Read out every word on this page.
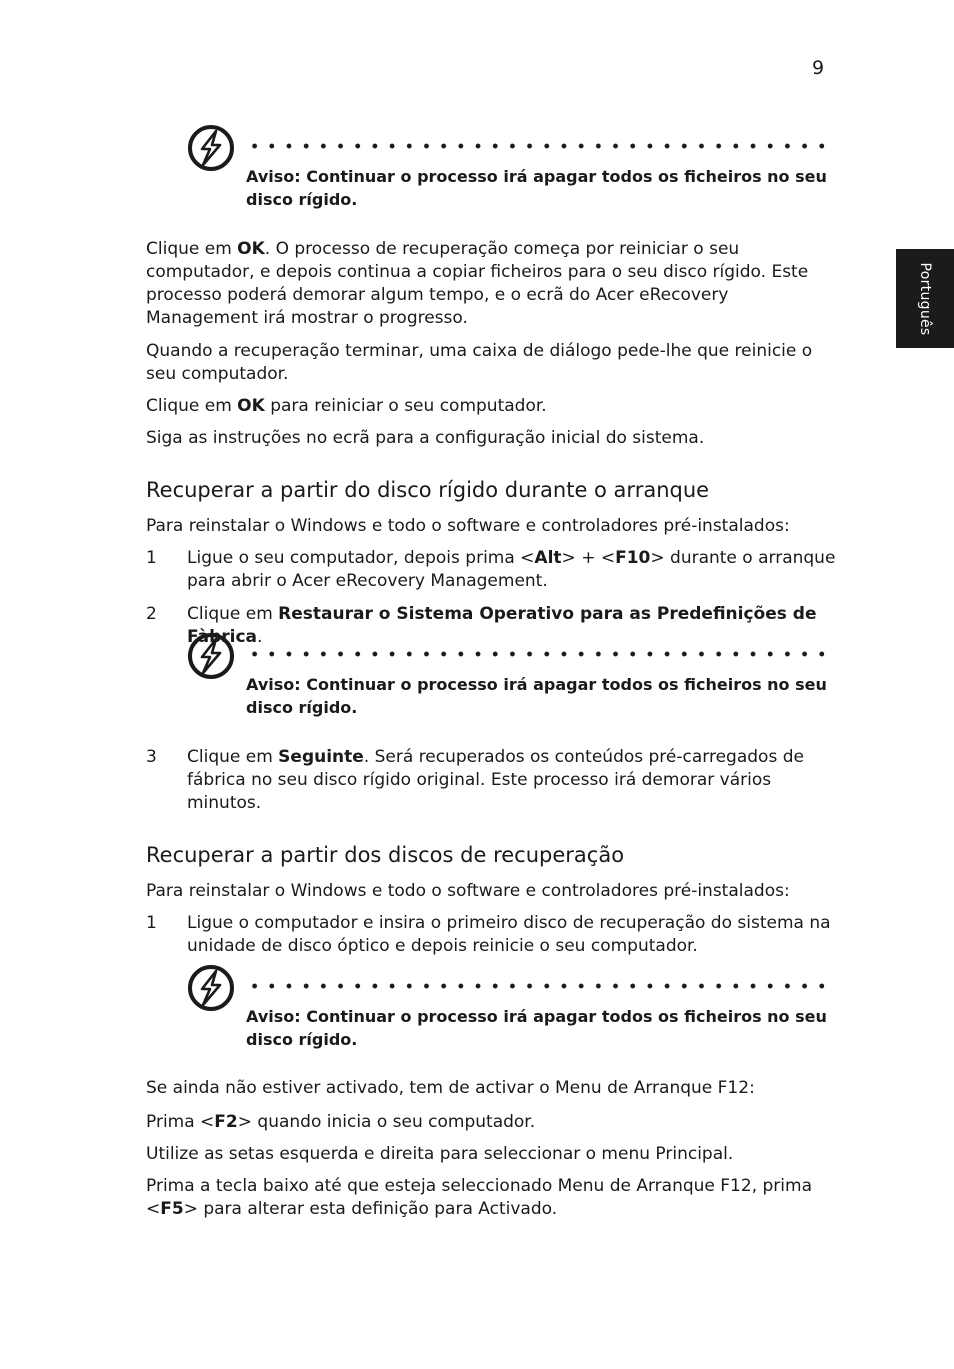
9
Português

Aviso: Continuar o processo irá apagar todos os ficheiros no seu disco rígido.

Clique em OK. O processo de recuperação começa por reiniciar o seu computador, e depois continua a copiar ficheiros para o seu disco rígido. Este processo poderá demorar algum tempo, e o ecrã do Acer eRecovery Management irá mostrar o progresso.

Quando a recuperação terminar, uma caixa de diálogo pede-lhe que reinicie o seu computador.

Clique em OK para reiniciar o seu computador.

Siga as instruções no ecrã para a configuração inicial do sistema.

Recuperar a partir do disco rígido durante o arranque

Para reinstalar o Windows e todo o software e controladores pré-instalados:

1 Ligue o seu computador, depois prima <Alt> + <F10> durante o arranque para abrir o Acer eRecovery Management.

2 Clique em Restaurar o Sistema Operativo para as Predefinições de Fàbrica.

Aviso: Continuar o processo irá apagar todos os ficheiros no seu disco rígido.

3 Clique em Seguinte. Será recuperados os conteúdos pré-carregados de fábrica no seu disco rígido original. Este processo irá demorar vários minutos.

Recuperar a partir dos discos de recuperação

Para reinstalar o Windows e todo o software e controladores pré-instalados:

1 Ligue o computador e insira o primeiro disco de recuperação do sistema na unidade de disco óptico e depois reinicie o seu computador.

Aviso: Continuar o processo irá apagar todos os ficheiros no seu disco rígido.

Se ainda não estiver activado, tem de activar o Menu de Arranque F12:

Prima <F2> quando inicia o seu computador.

Utilize as setas esquerda e direita para seleccionar o menu Principal.

Prima a tecla baixo até que esteja seleccionado Menu de Arranque F12, prima <F5> para alterar esta definição para Activado.
